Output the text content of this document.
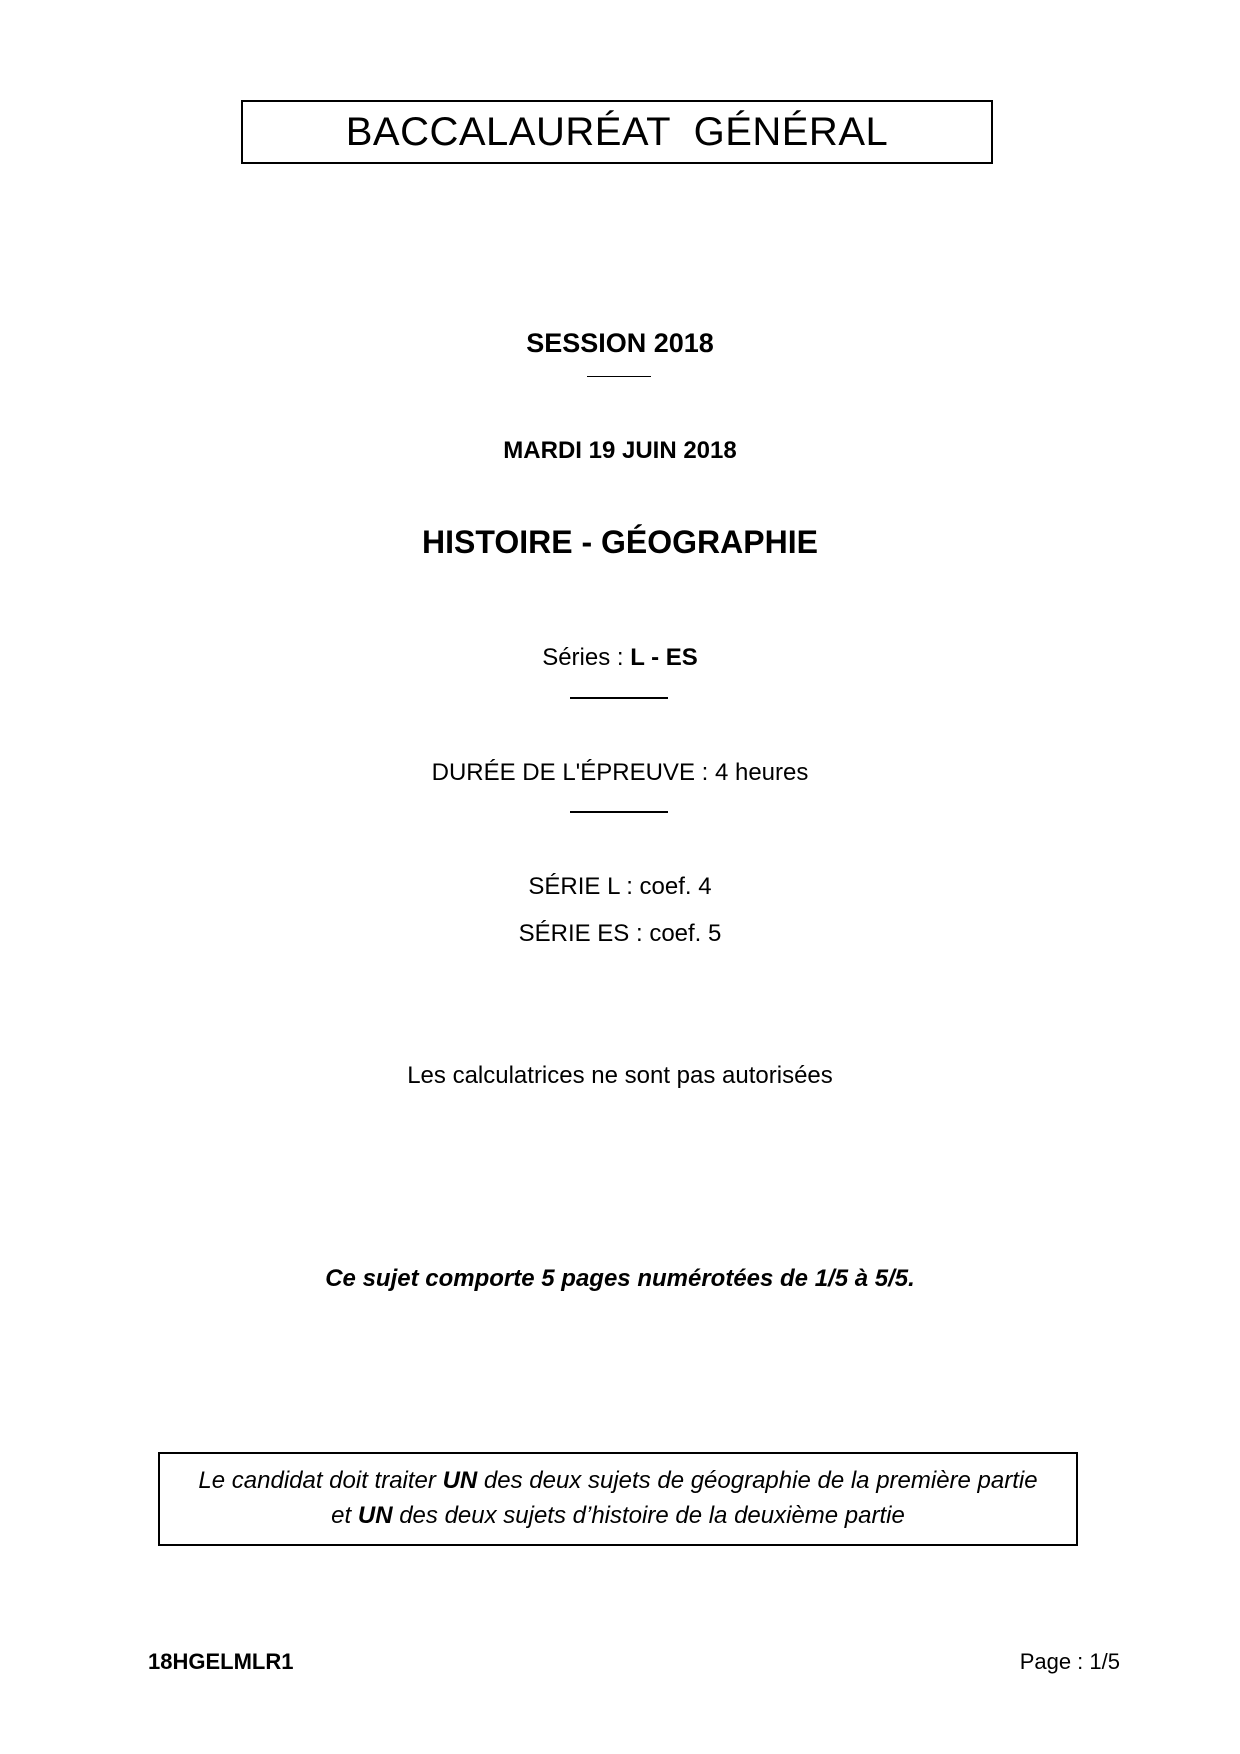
BACCALAURÉAT  GÉNÉRAL
SESSION 2018
MARDI 19 JUIN 2018
HISTOIRE - GÉOGRAPHIE
Séries : L - ES
DURÉE DE L'ÉPREUVE : 4 heures
SÉRIE L : coef. 4
SÉRIE ES : coef. 5
Les calculatrices ne sont pas autorisées
Ce sujet comporte 5 pages numérotées de 1/5 à 5/5.
Le candidat doit traiter UN des deux sujets de géographie de la première partie
et UN des deux sujets d’histoire de la deuxième partie
18HGELMLR1	Page : 1/5
